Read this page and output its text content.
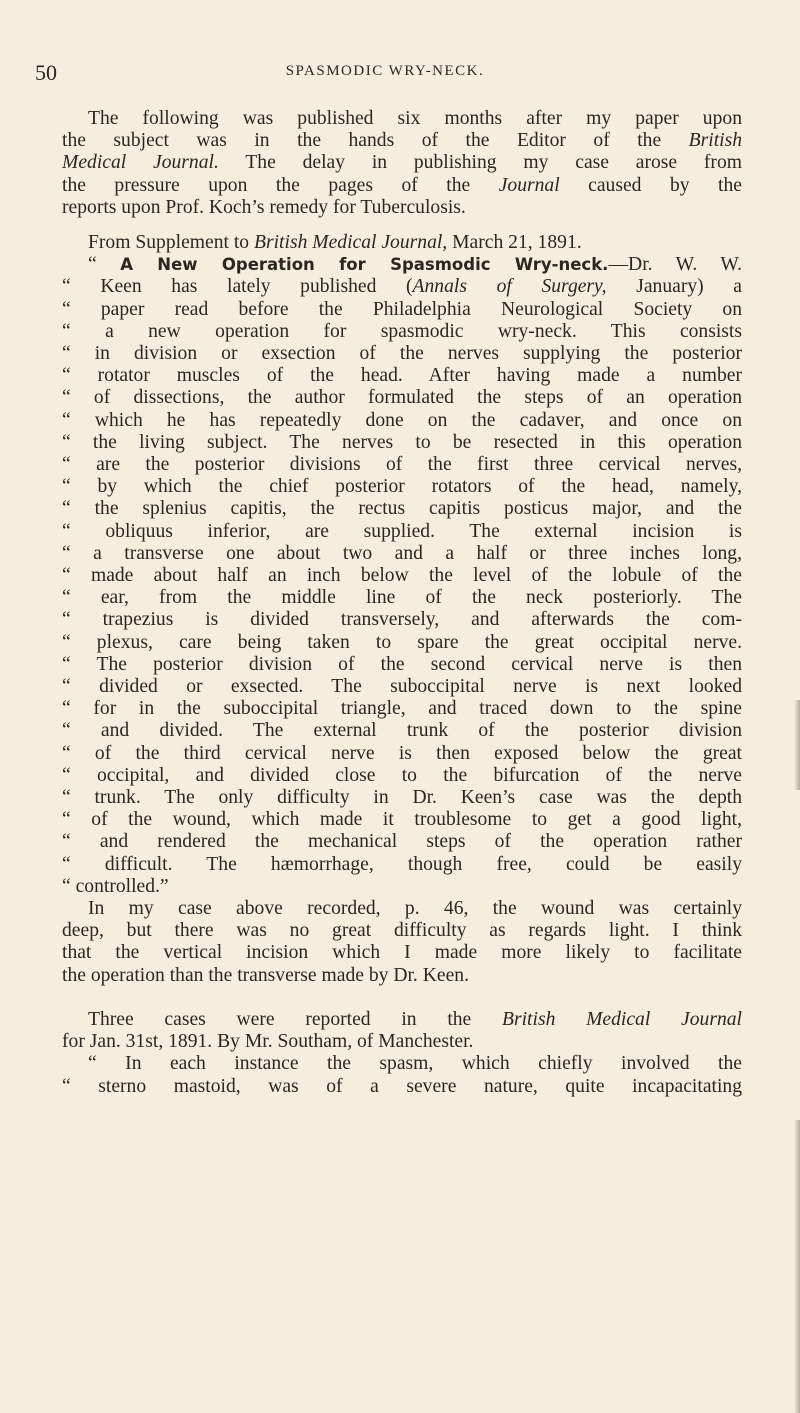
50	SPASMODIC WRY-NECK.
The following was published six months after my paper upon
the subject was in the hands of the Editor of the British
Medical Journal. The delay in publishing my case arose from
the pressure upon the pages of the Journal caused by the
reports upon Prof. Koch’s remedy for Tuberculosis.
From Supplement to British Medical Journal, March 21, 1891.
“ A New Operation for Spasmodic Wry-neck.—Dr. W. W.
“ Keen has lately published (Annals of Surgery, January) a
“ paper read before the Philadelphia Neurological Society on
“ a new operation for spasmodic wry-neck. This consists
“ in division or exsection of the nerves supplying the posterior
“ rotator muscles of the head. After having made a number
“ of dissections, the author formulated the steps of an operation
“ which he has repeatedly done on the cadaver, and once on
“ the living subject. The nerves to be resected in this operation
“ are the posterior divisions of the first three cervical nerves,
“ by which the chief posterior rotators of the head, namely,
“ the splenius capitis, the rectus capitis posticus major, and the
“ obliquus inferior, are supplied. The external incision is
“ a transverse one about two and a half or three inches long,
“ made about half an inch below the level of the lobule of the
“ ear, from the middle line of the neck posteriorly. The
“ trapezius is divided transversely, and afterwards the com-
“ plexus, care being taken to spare the great occipital nerve.
“ The posterior division of the second cervical nerve is then
“ divided or exsected. The suboccipital nerve is next looked
“ for in the suboccipital triangle, and traced down to the spine
“ and divided. The external trunk of the posterior division
“ of the third cervical nerve is then exposed below the great
“ occipital, and divided close to the bifurcation of the nerve
“ trunk. The only difficulty in Dr. Keen’s case was the depth
“ of the wound, which made it troublesome to get a good light,
“ and rendered the mechanical steps of the operation rather
“ difficult. The hæmorrhage, though free, could be easily
“ controlled.”
In my case above recorded, p. 46, the wound was certainly
deep, but there was no great difficulty as regards light. I think
that the vertical incision which I made more likely to facilitate
the operation than the transverse made by Dr. Keen.
Three cases were reported in the British Medical Journal
for Jan. 31st, 1891. By Mr. Southam, of Manchester.
“ In each instance the spasm, which chiefly involved the
“ sterno mastoid, was of a severe nature, quite incapacitating
